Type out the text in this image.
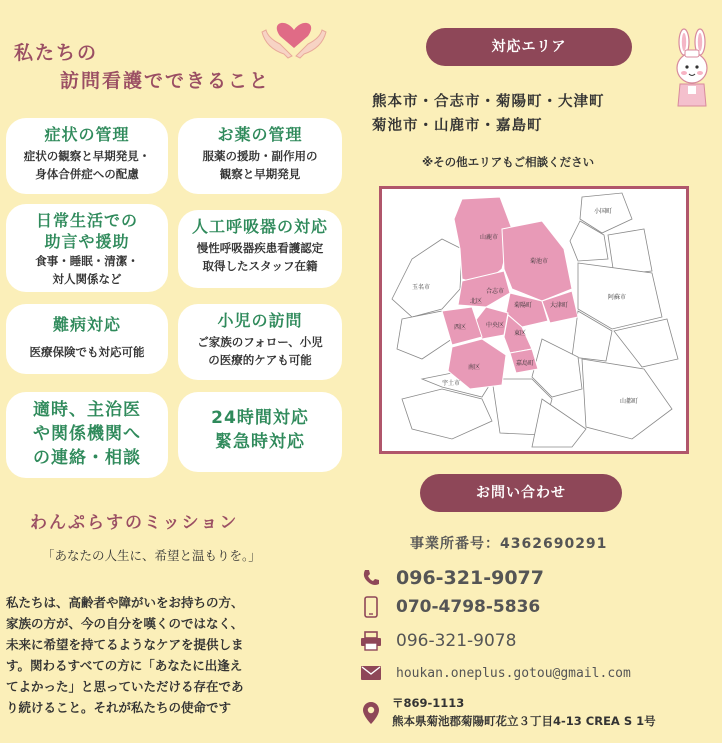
私たちの
訪問看護でできること
症状の管理
症状の観察と早期発見・
身体合併症への配慮
お薬の管理
服薬の援助・副作用の
観察と早期発見
日常生活での
助言や援助
食事・睡眠・清潔・
対人関係など
人工呼吸器の対応
慢性呼吸器疾患看護認定
取得したスタッフ在籍
難病対応
医療保険でも対応可能
小児の訪問
ご家族のフォロー、小児
の医療的ケアも可能
適時、主治医
や関係機関へ
の連絡・相談
24時間対応
緊急時対応
わんぷらすのミッション
「あなたの人生に、希望と温もりを。」
私たちは、高齢者や障がいをお持ちの方、
家族の方が、今の自分を嘆くのではなく、
未来に希望を持てるようなケアを提供しま
す。関わるすべての方に「あなたに出逢え
てよかった」と思っていただける存在であ
り続けること。それが私たちの使命です
対応エリア
熊本市・合志市・菊陽町・大津町
菊池市・山鹿市・嘉島町
※その他エリアもご相談ください
山鹿市
菊池市
合志市
菊陽町	大津町
北区
東区
中央区
西区
南区
嘉島町
玉名市
阿蘇市
小国町
宇土市
山都町
お問い合わせ
事業所番号：4362690291
096-321-9077
070-4798-5836
096-321-9078
houkan.oneplus.gotou@gmail.com
〒869-1113
熊本県菊池郡菊陽町花立３丁目4-13 CREA S 1号
